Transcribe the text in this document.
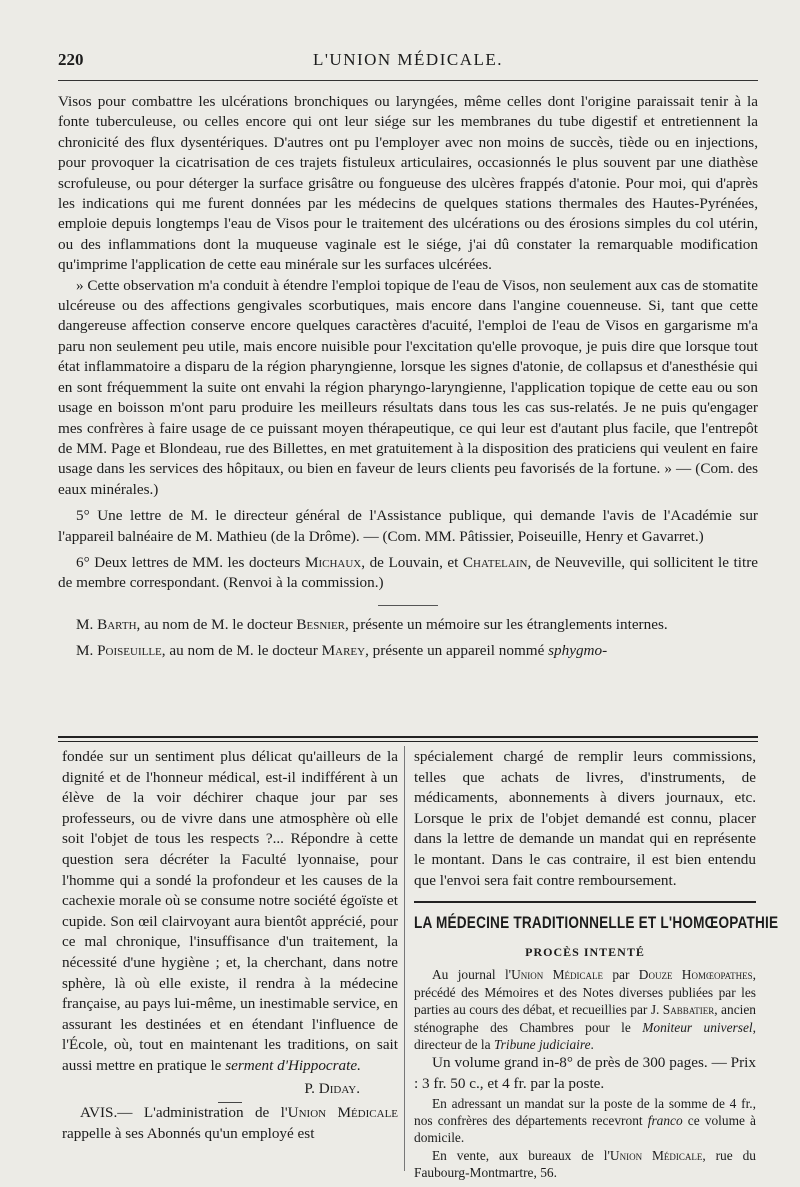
220	L'UNION MÉDICALE.

Visos pour combattre les ulcérations bronchiques ou laryngées, même celles dont l'origine paraissait tenir à la fonte tuberculeuse, ou celles encore qui ont leur siége sur les membranes du tube digestif et entretiennent la chronicité des flux dysentériques. D'autres ont pu l'employer avec non moins de succès, tiède ou en injections, pour provoquer la cicatrisation de ces trajets fistuleux articulaires, occasionnés le plus souvent par une diathèse scrofuleuse, ou pour déterger la surface grisâtre ou fongueuse des ulcères frappés d'atonie. Pour moi, qui d'après les indications qui me furent données par les médecins de quelques stations thermales des Hautes-Pyrénées, emploie depuis longtemps l'eau de Visos pour le traitement des ulcérations ou des érosions simples du col utérin, ou des inflammations dont la muqueuse vaginale est le siége, j'ai dû constater la remarquable modification qu'imprime l'application de cette eau minérale sur les surfaces ulcérées.

» Cette observation m'a conduit à étendre l'emploi topique de l'eau de Visos, non seulement aux cas de stomatite ulcéreuse ou des affections gengivales scorbutiques, mais encore dans l'angine couenneuse. Si, tant que cette dangereuse affection conserve encore quelques caractères d'acuité, l'emploi de l'eau de Visos en gargarisme m'a paru non seulement peu utile, mais encore nuisible pour l'excitation qu'elle provoque, je puis dire que lorsque tout état inflammatoire a disparu de la région pharyngienne, lorsque les signes d'atonie, de collapsus et d'anesthésie qui en sont fréquemment la suite ont envahi la région pharyngo-laryngienne, l'application topique de cette eau ou son usage en boisson m'ont paru produire les meilleurs résultats dans tous les cas sus-relatés. Je ne puis qu'engager mes confrères à faire usage de ce puissant moyen thérapeutique, ce qui leur est d'autant plus facile, que l'entrepôt de MM. Page et Blondeau, rue des Billettes, en met gratuitement à la disposition des praticiens qui veulent en faire usage dans les services des hôpitaux, ou bien en faveur de leurs clients peu favorisés de la fortune. » — (Com. des eaux minérales.)

5° Une lettre de M. le directeur général de l'Assistance publique, qui demande l'avis de l'Académie sur l'appareil balnéaire de M. Mathieu (de la Drôme). — (Com. MM. Pâtissier, Poiseuille, Henry et Gavarret.)

6° Deux lettres de MM. les docteurs Michaux, de Louvain, et Chatelain, de Neuveville, qui sollicitent le titre de membre correspondant. (Renvoi à la commission.)

M. Barth, au nom de M. le docteur Besnier, présente un mémoire sur les étranglements internes.

M. Poiseuille, au nom de M. le docteur Marey, présente un appareil nommé sphygmo-

fondée sur un sentiment plus délicat qu'ailleurs de la dignité et de l'honneur médical, est-il indifférent à un élève de la voir déchirer chaque jour par ses professeurs, ou de vivre dans une atmosphère où elle soit l'objet de tous les respects ?... Répondre à cette question sera décréter la Faculté lyonnaise, pour l'homme qui a sondé la profondeur et les causes de la cachexie morale où se consume notre société égoïste et cupide. Son œil clairvoyant aura bientôt apprécié, pour ce mal chronique, l'insuffisance d'un traitement, la nécessité d'une hygiène ; et, la cherchant, dans notre sphère, là où elle existe, il rendra à la médecine française, au pays lui-même, un inestimable service, en assurant les destinées et en étendant l'influence de l'École, où, tout en maintenant les traditions, on sait aussi mettre en pratique le serment d'Hippocrate.

P. Diday.

AVIS.— L'administration de l'Union Médicale rappelle à ses Abonnés qu'un employé est

spécialement chargé de remplir leurs commissions, telles que achats de livres, d'instruments, de médicaments, abonnements à divers journaux, etc. Lorsque le prix de l'objet demandé est connu, placer dans la lettre de demande un mandat qui en représente le montant. Dans le cas contraire, il est bien entendu que l'envoi sera fait contre remboursement.

LA MÉDECINE TRADITIONNELLE ET L'HOMŒOPATHIE

PROCÈS INTENTÉ

Au journal l'Union Médicale par Douze Homœopathes, précédé des Mémoires et des Notes diverses publiées par les parties au cours des débat, et recueillies par J. Sabbatier, ancien sténographe des Chambres pour le Moniteur universel, directeur de la Tribune judiciaire.

Un volume grand in-8° de près de 300 pages. — Prix : 3 fr. 50 c., et 4 fr. par la poste.

En adressant un mandat sur la poste de la somme de 4 fr., nos confrères des départements recevront franco ce volume à domicile.

En vente, aux bureaux de l'Union Médicale, rue du Faubourg-Montmartre, 56.
